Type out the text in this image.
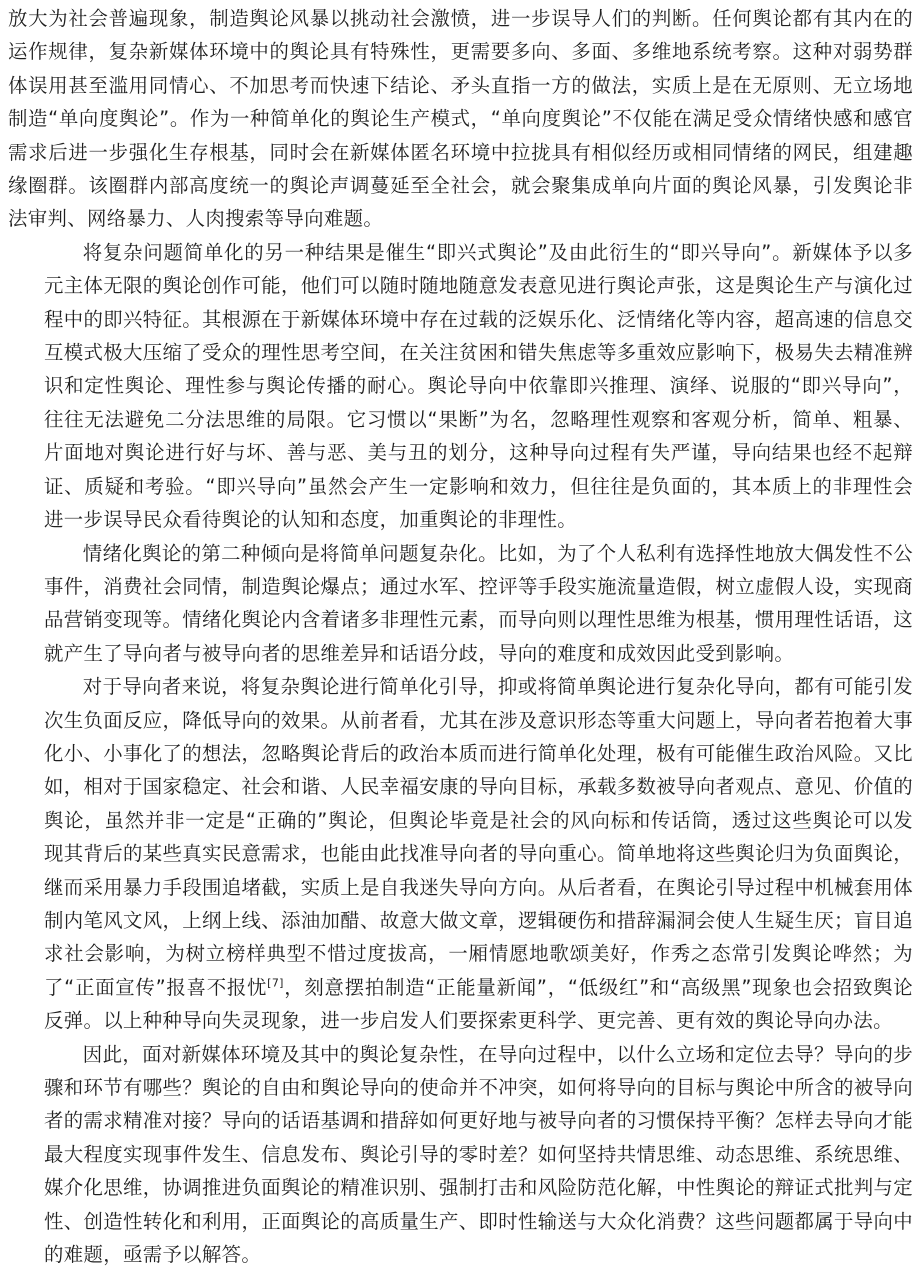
放大为社会普遍现象，制造舆论风暴以挑动社会激愤，进一步误导人们的判断。任何舆论都有其内在的运作规律，复杂新媒体环境中的舆论具有特殊性，更需要多向、多面、多维地系统考察。这种对弱势群体误用甚至滥用同情心、不加思考而快速下结论、矛头直指一方的做法，实质上是在无原则、无立场地制造“单向度舆论”。作为一种简单化的舆论生产模式，“单向度舆论”不仅能在满足受众情绪快感和感官需求后进一步强化生存根基，同时会在新媒体匿名环境中拉拢具有相似经历或相同情绪的网民，组建趣缘圈群。该圈群内部高度统一的舆论声调蔓延至全社会，就会聚集成单向片面的舆论风暴，引发舆论非法审判、网络暴力、人肉搜索等导向难题。

将复杂问题简单化的另一种结果是催生“即兴式舆论”及由此衍生的“即兴导向”。新媒体予以多元主体无限的舆论创作可能，他们可以随时随地随意发表意见进行舆论声张，这是舆论生产与演化过程中的即兴特征。其根源在于新媒体环境中存在过载的泛娱乐化、泛情绪化等内容，超高速的信息交互模式极大压缩了受众的理性思考空间，在关注贫困和错失焦虑等多重效应影响下，极易失去精准辨识和定性舆论、理性参与舆论传播的耐心。舆论导向中依靠即兴推理、演绎、说服的“即兴导向”，往往无法避免二分法思维的局限。它习惯以“果断”为名，忽略理性观察和客观分析，简单、粗暴、片面地对舆论进行好与坏、善与恶、美与丑的划分，这种导向过程有失严谨，导向结果也经不起辩证、质疑和考验。“即兴导向”虽然会产生一定影响和效力，但往往是负面的，其本质上的非理性会进一步误导民众看待舆论的认知和态度，加重舆论的非理性。

情绪化舆论的第二种倾向是将简单问题复杂化。比如，为了个人私利有选择性地放大偶发性不公事件，消费社会同情，制造舆论爆点；通过水军、控评等手段实施流量造假，树立虚假人设，实现商品营销变现等。情绪化舆论内含着诸多非理性元素，而导向则以理性思维为根基，惯用理性话语，这就产生了导向者与被导向者的思维差异和话语分歧，导向的难度和成效因此受到影响。

对于导向者来说，将复杂舆论进行简单化引导，抑或将简单舆论进行复杂化导向，都有可能引发次生负面反应，降低导向的效果。从前者看，尤其在涉及意识形态等重大问题上，导向者若抱着大事化小、小事化了的想法，忽略舆论背后的政治本质而进行简单化处理，极有可能催生政治风险。又比如，相对于国家稳定、社会和谐、人民幸福安康的导向目标，承载多数被导向者观点、意见、价值的舆论，虽然并非一定是“正确的”舆论，但舆论毕竟是社会的风向标和传话筒，透过这些舆论可以发现其背后的某些真实民意需求，也能由此找准导向者的导向重心。简单地将这些舆论归为负面舆论，继而采用暴力手段围追堵截，实质上是自我迷失导向方向。从后者看，在舆论引导过程中机械套用体制内笔风文风，上纲上线、添油加醋、故意大做文章，逻辑硬伤和措辞漏洞会使人生疑生厌；盲目追求社会影响，为树立榜样典型不惜过度拔高，一厢情愿地歌颂美好，作秀之态常引发舆论哗然；为了“正面宣传”报喜不报忧[7]，刻意摆拍制造“正能量新闻”，“低级红”和“高级黑”现象也会招致舆论反弹。以上种种导向失灵现象，进一步启发人们要探索更科学、更完善、更有效的舆论导向办法。

因此，面对新媒体环境及其中的舆论复杂性，在导向过程中，以什么立场和定位去导？导向的步骤和环节有哪些？舆论的自由和舆论导向的使命并不冲突，如何将导向的目标与舆论中所含的被导向者的需求精准对接？导向的话语基调和措辞如何更好地与被导向者的习惯保持平衡？怎样去导向才能最大程度实现事件发生、信息发布、舆论引导的零时差？如何坚持共情思维、动态思维、系统思维、媒介化思维，协调推进负面舆论的精准识别、强制打击和风险防范化解，中性舆论的辩证式批判与定性、创造性转化和利用，正面舆论的高质量生产、即时性输送与大众化消费？这些问题都属于导向中的难题，亟需予以解答。
